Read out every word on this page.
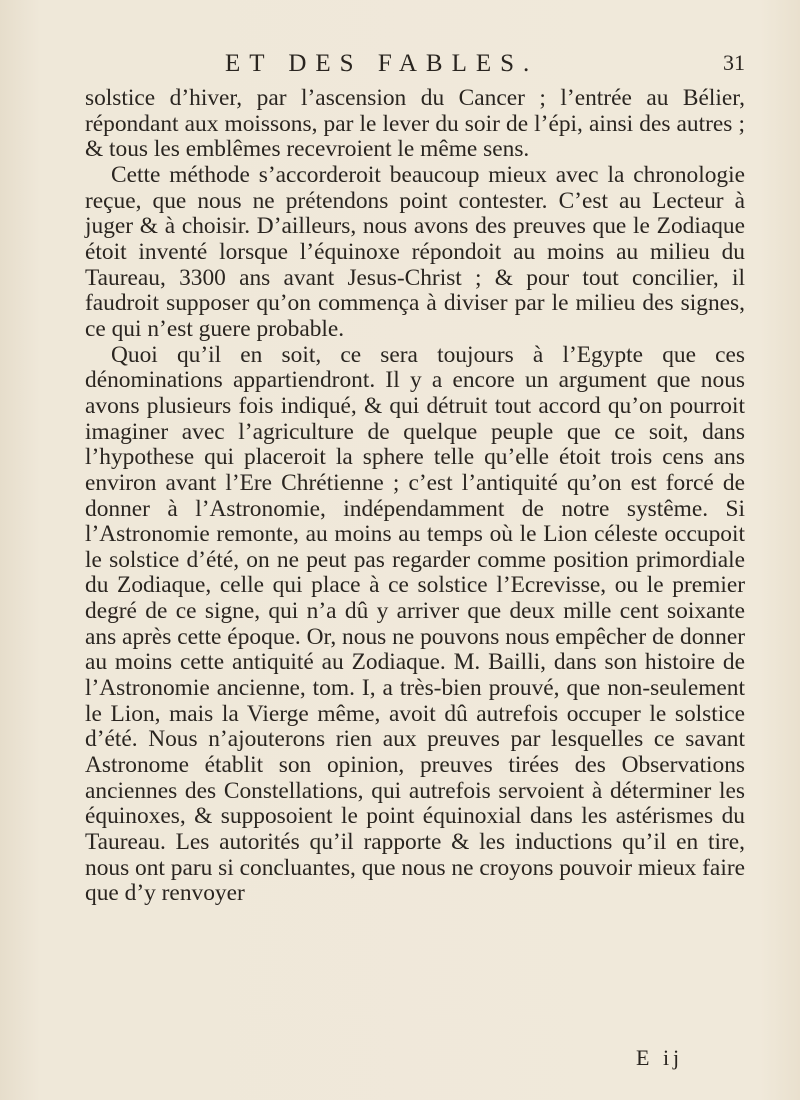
ET DES FABLES.	31

solstice d’hiver, par l’ascension du Cancer ; l’entrée au Bélier, répondant aux moissons, par le lever du soir de l’épi, ainsi des autres ; & tous les emblêmes recevroient le même sens.

Cette méthode s’accorderoit beaucoup mieux avec la chronologie reçue, que nous ne prétendons point contester. C’est au Lecteur à juger & à choisir. D’ailleurs, nous avons des preuves que le Zodiaque étoit inventé lorsque l’équinoxe répondoit au moins au milieu du Taureau, 3300 ans avant Jesus-Christ ; & pour tout concilier, il faudroit supposer qu’on commença à diviser par le milieu des signes, ce qui n’est guere probable.

Quoi qu’il en soit, ce sera toujours à l’Egypte que ces dénominations appartiendront. Il y a encore un argument que nous avons plusieurs fois indiqué, & qui détruit tout accord qu’on pourroit imaginer avec l’agriculture de quelque peuple que ce soit, dans l’hypothese qui placeroit la sphere telle qu’elle étoit trois cens ans environ avant l’Ere Chrétienne ; c’est l’antiquité qu’on est forcé de donner à l’Astronomie, indépendamment de notre systême. Si l’Astronomie remonte, au moins au temps où le Lion céleste occupoit le solstice d’été, on ne peut pas regarder comme position primordiale du Zodiaque, celle qui place à ce solstice l’Ecrevisse, ou le premier degré de ce signe, qui n’a dû y arriver que deux mille cent soixante ans après cette époque. Or, nous ne pouvons nous empêcher de donner au moins cette antiquité au Zodiaque. M. Bailli, dans son histoire de l’Astronomie ancienne, tom. I, a très-bien prouvé, que non-seulement le Lion, mais la Vierge même, avoit dû autrefois occuper le solstice d’été. Nous n’ajouterons rien aux preuves par lesquelles ce savant Astronome établit son opinion, preuves tirées des Observations anciennes des Constellations, qui autrefois servoient à déterminer les équinoxes, & supposoient le point équinoxial dans les astérismes du Taureau. Les autorités qu’il rapporte & les inductions qu’il en tire, nous ont paru si concluantes, que nous ne croyons pouvoir mieux faire que d’y renvoyer

E ij
